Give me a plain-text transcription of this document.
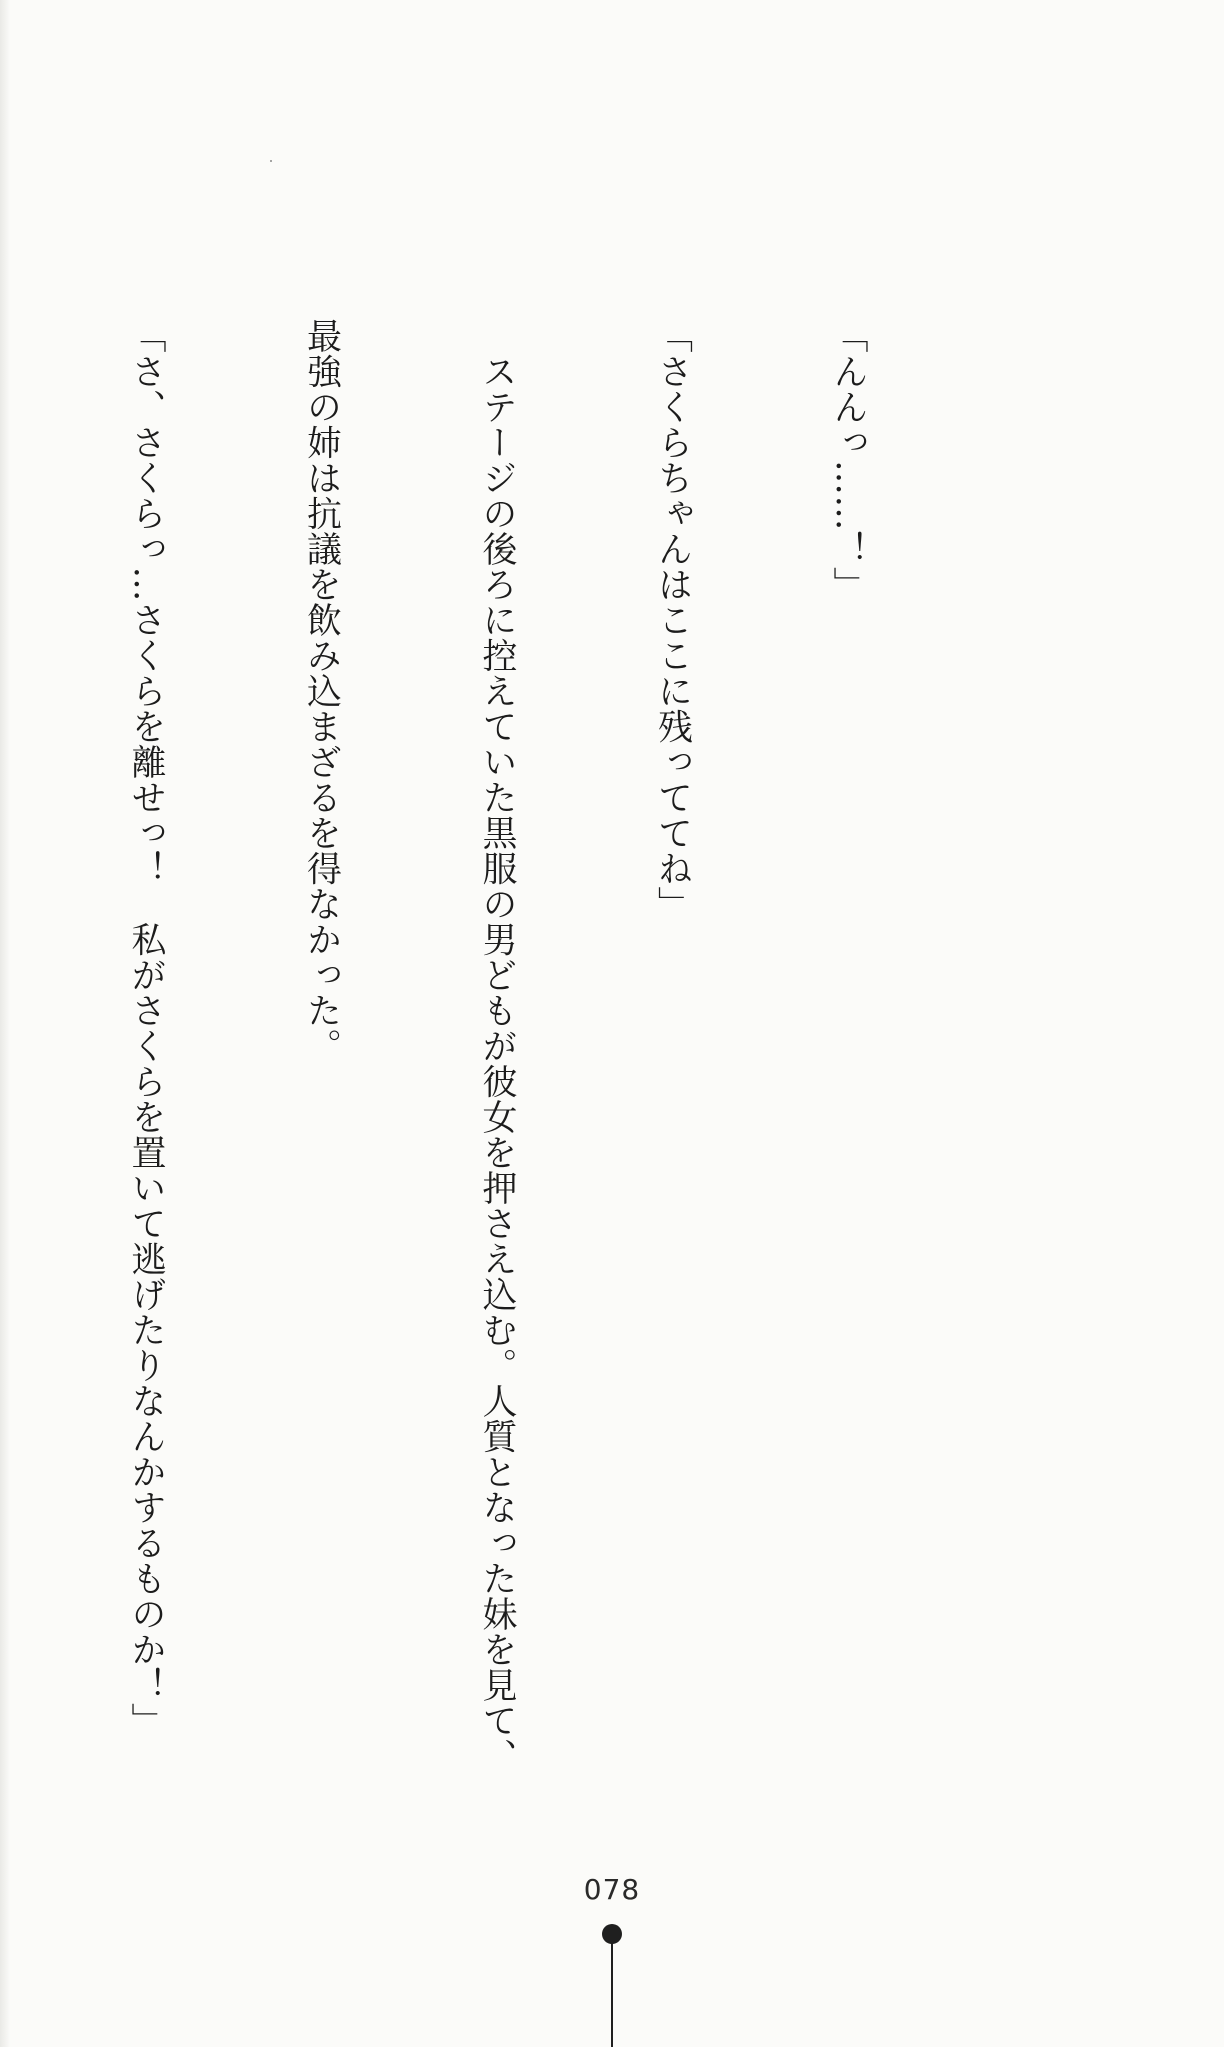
「んんっ……！」

「さくらちゃんはここに残っててね」

　ステージの後ろに控えていた黒服の男どもが彼女を押さえ込む。人質となった妹を見て、

最強の姉は抗議を飲み込まざるを得なかった。

「さ、さくらっ…さくらを離せっ！　私がさくらを置いて逃げたりなんかするものか！」

078
